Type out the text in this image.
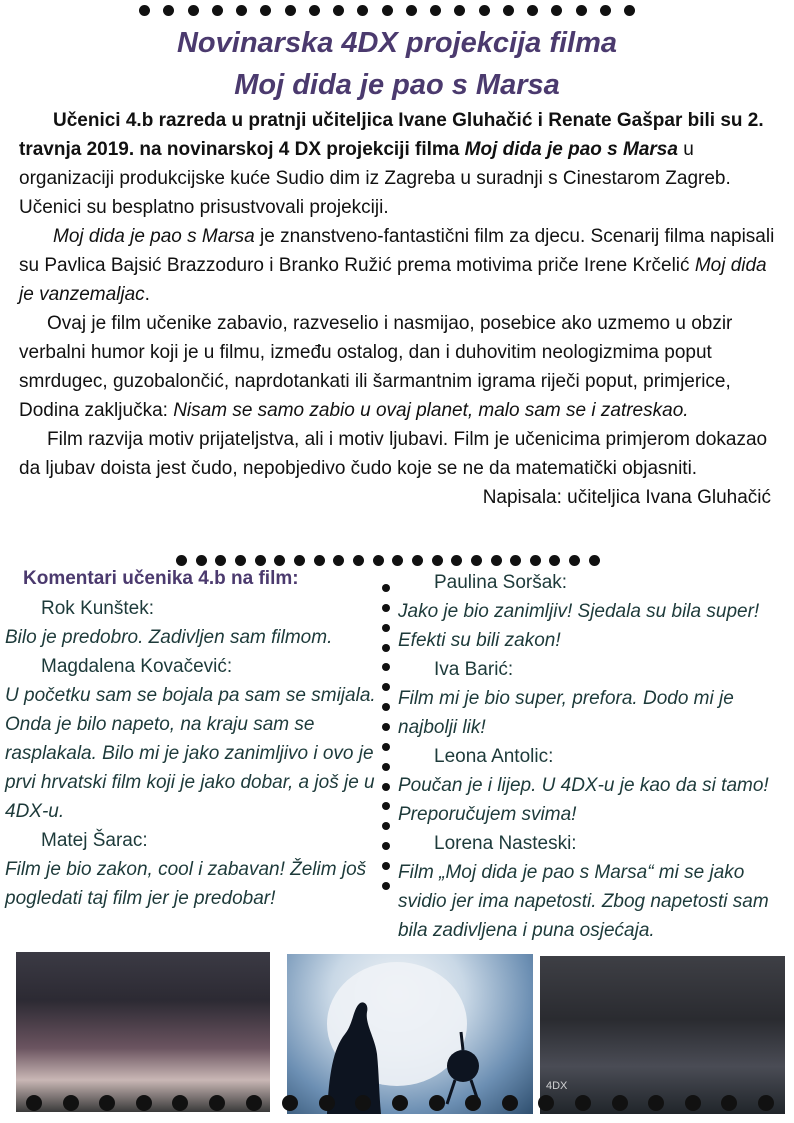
Novinarska 4DX projekcija filma
Moj dida je pao s Marsa

Učenici 4.b razreda u pratnji učiteljica Ivane Gluhačić i Renate Gašpar bili su 2. travnja 2019. na novinarskoj 4 DX projekciji filma Moj dida je pao s Marsa u organizaciji produkcijske kuće Sudio dim iz Zagreba u suradnji s Cinestarom Zagreb. Učenici su besplatno prisustvovali projekciji.

Moj dida je pao s Marsa je znanstveno-fantastični film za djecu. Scenarij filma napisali su Pavlica Bajsić Brazzoduro i Branko Ružić prema motivima priče Irene Krčelić Moj dida je vanzemaljac.

Ovaj je film učenike zabavio, razveselio i nasmijao, posebice ako uzmemo u obzir verbalni humor koji je u filmu, između ostalog, dan i duhovitim neologizmima poput smrdugec, guzobalončić, naprdotankati ili šarmantnim igrama riječi poput, primjerice, Dodina zaključka: Nisam se samo zabio u ovaj planet, malo sam se i zatreskao.

Film razvija motiv prijateljstva, ali i motiv ljubavi. Film je učenicima primjerom dokazao da ljubav doista jest čudo, nepobjedivo čudo koje se ne da matematički objasniti.
Napisala: učiteljica Ivana Gluhačić

Komentari učenika 4.b na film:
Rok Kunštek:
Bilo je predobro. Zadivljen sam filmom.
Magdalena Kovačević:
U početku sam se bojala pa sam se smijala. Onda je bilo napeto, na kraju sam se rasplakala. Bilo mi je jako zanimljivo i ovo je prvi hrvatski film koji je jako dobar, a još je u 4DX-u.
Matej Šarac:
Film je bio zakon, cool i zabavan! Želim još pogledati taj film jer je predobar!
Paulina Soršak:
Jako je bio zanimljiv! Sjedala su bila super! Efekti su bili zakon!
Iva Barić:
Film mi je bio super, prefora. Dodo mi je najbolji lik!
Leona Antolic:
Poučan je i lijep. U 4DX-u je kao da si tamo! Preporučujem svima!
Lorena Nasteski:
Film „Moj dida je pao s Marsa“ mi se jako svidio jer ima napetosti. Zbog napetosti sam bila zadivljena i puna osjećaja.
4DX
